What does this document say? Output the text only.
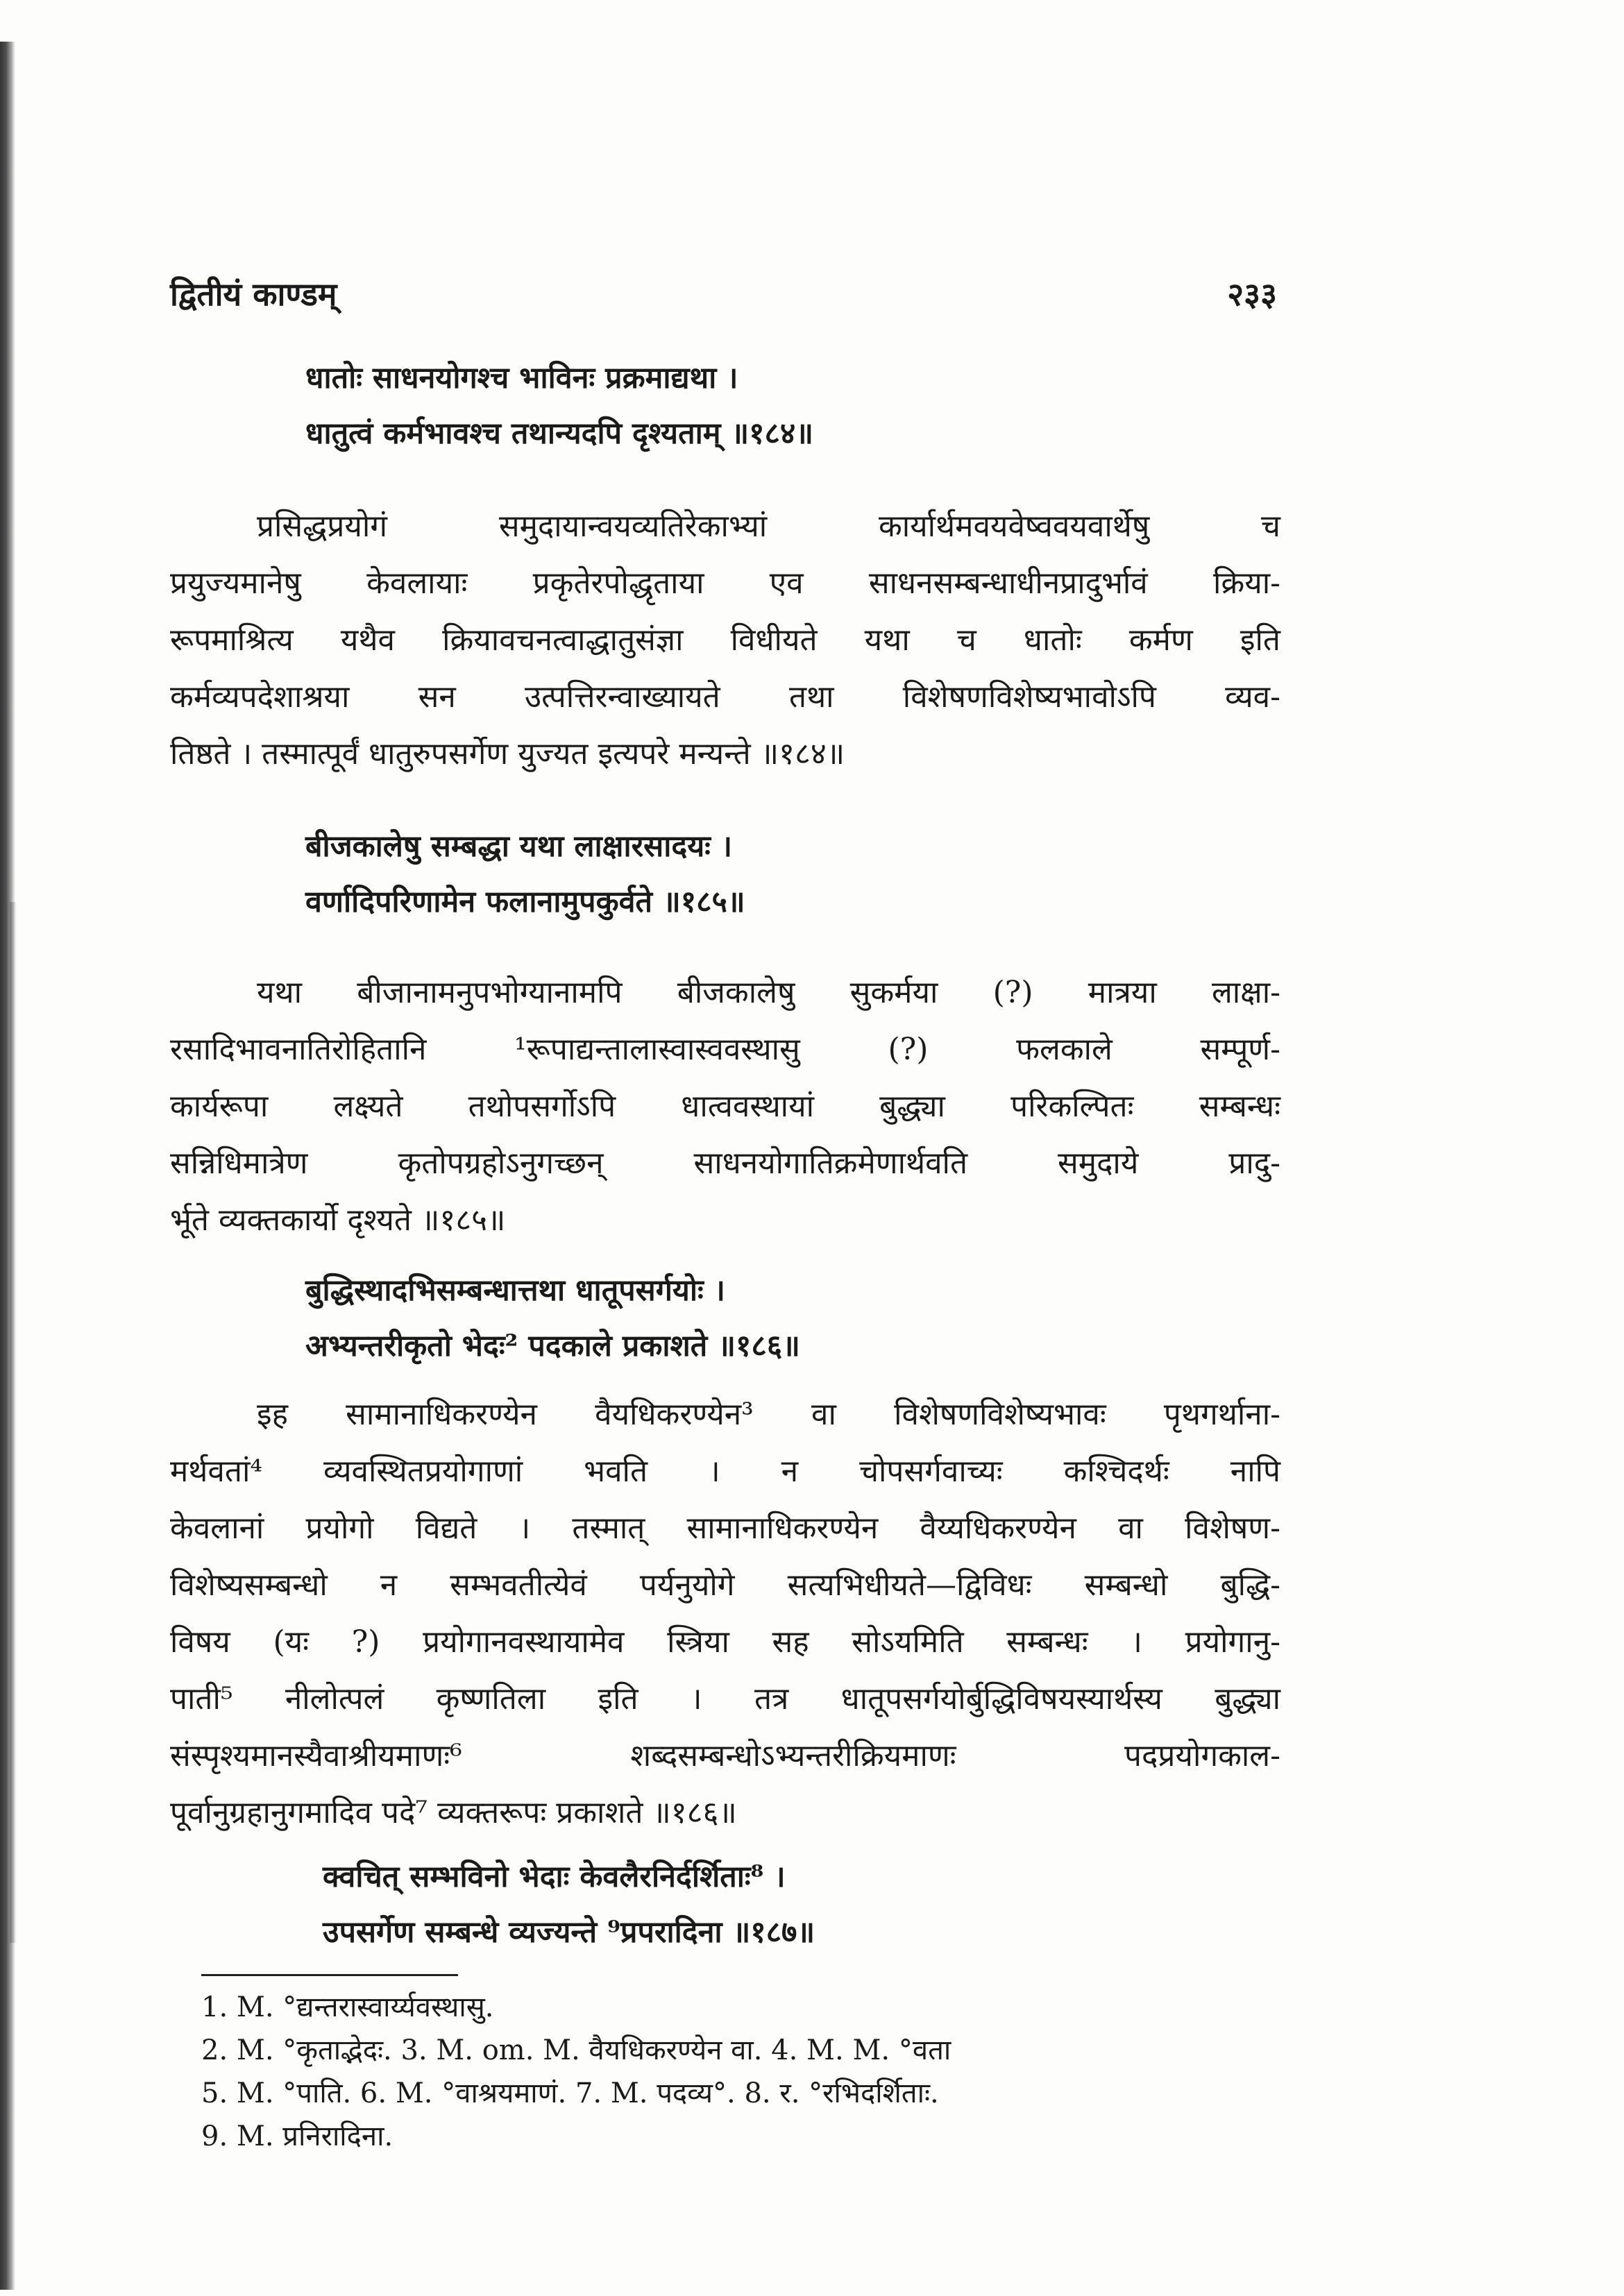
द्वितीयं काण्डम्	२३३
धातोः साधनयोगश्च भाविनः प्रक्रमाद्यथा ।
धातुत्वं कर्मभावश्च तथान्यदपि दृश्यताम् ॥१८४॥
प्रसिद्धप्रयोगं समुदायान्वयव्यतिरेकाभ्यां कार्यार्थमवयवेष्ववयवार्थेषु च
प्रयुज्यमानेषु केवलायाः प्रकृतेरपोद्धृताया एव साधनसम्बन्धाधीनप्रादुर्भावं क्रिया-
रूपमाश्रित्य यथैव क्रियावचनत्वाद्धातुसंज्ञा विधीयते यथा च धातोः कर्मण इति
कर्मव्यपदेशाश्रया सन उत्पत्तिरन्वाख्यायते तथा विशेषणविशेष्यभावोऽपि व्यव-
तिष्ठते । तस्मात्पूर्वं धातुरुपसर्गेण युज्यत इत्यपरे मन्यन्ते ॥१८४॥
बीजकालेषु सम्बद्धा यथा लाक्षारसादयः ।
वर्णादिपरिणामेन फलानामुपकुर्वते ॥१८५॥
यथा बीजानामनुपभोग्यानामपि बीजकालेषु सुकर्मया (?) मात्रया लाक्षा-
रसादिभावनातिरोहितानि ¹रूपाद्यन्तालास्वास्ववस्थासु (?) फलकाले सम्पूर्ण-
कार्यरूपा लक्ष्यते तथोपसर्गोऽपि धात्ववस्थायां बुद्ध्या परिकल्पितः सम्बन्धः
सन्निधिमात्रेण कृतोपग्रहोऽनुगच्छन् साधनयोगातिक्रमेणार्थवति समुदाये प्रादु-
र्भूते व्यक्तकार्यो दृश्यते ॥१८५॥
बुद्धिस्थादभिसम्बन्धात्तथा धातूपसर्गयोः ।
अभ्यन्तरीकृतो भेदः² पदकाले प्रकाशते ॥१८६॥
इह सामानाधिकरण्येन वैयधिकरण्येन³ वा विशेषणविशेष्यभावः पृथगर्थाना-
मर्थवतां⁴ व्यवस्थितप्रयोगाणां भवति । न चोपसर्गवाच्यः कश्चिदर्थः नापि
केवलानां प्रयोगो विद्यते । तस्मात् सामानाधिकरण्येन वैय्यधिकरण्येन वा विशेषण-
विशेष्यसम्बन्धो न सम्भवतीत्येवं पर्यनुयोगे सत्यभिधीयते—द्विविधः सम्बन्धो बुद्धि-
विषय (यः ?) प्रयोगानवस्थायामेव स्त्रिया सह सोऽयमिति सम्बन्धः । प्रयोगानु-
पाती⁵ नीलोत्पलं कृष्णतिला इति । तत्र धातूपसर्गयोर्बुद्धिविषयस्यार्थस्य बुद्ध्या
संस्पृश्यमानस्यैवाश्रीयमाणः⁶ शब्दसम्बन्धोऽभ्यन्तरीक्रियमाणः पदप्रयोगकाल-
पूर्वानुग्रहानुगमादिव पदे⁷ व्यक्तरूपः प्रकाशते ॥१८६॥
क्वचित् सम्भविनो भेदाः केवलैरनिर्दर्शिताः⁸ ।
उपसर्गेण सम्बन्धे व्यज्यन्ते ⁹प्रपरादिना ॥१८७॥
1. M. °द्यन्तरास्वार्य्यवस्थासु.
2. M. °कृताद्भेदः. 3. M. om. M. वैयधिकरण्येन वा. 4. M. M. °वता
5. M. °पाति. 6. M. °वाश्रयमाणं. 7. M. पदव्य°. 8. र. °रभिदर्शिताः.
9. M. प्रनिरादिना.
